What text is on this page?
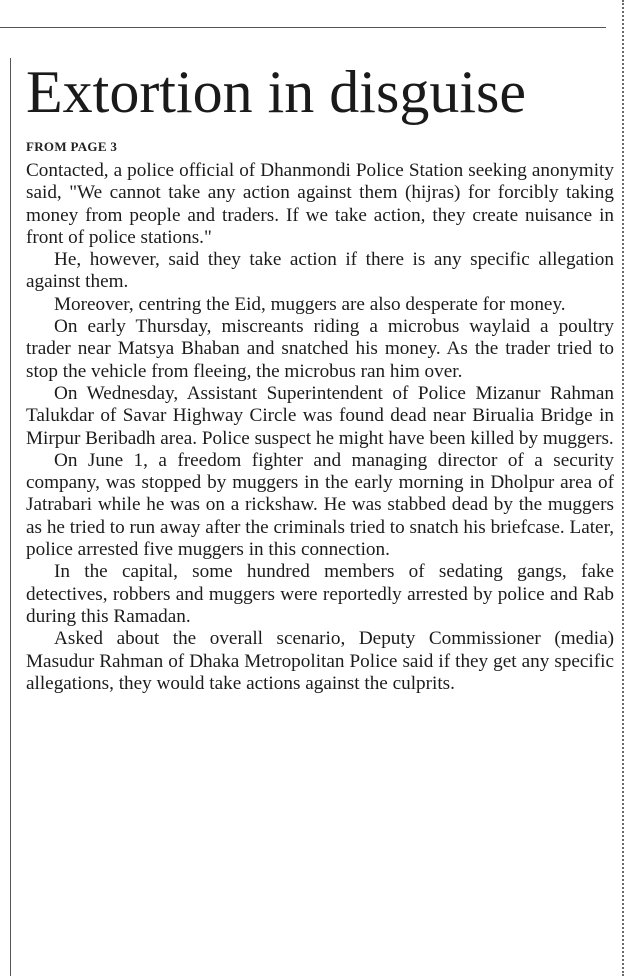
Extortion in disguise
FROM PAGE 3

Contacted, a police official of Dhanmondi Police Station seeking anonymity said, "We cannot take any action against them (hijras) for forcibly taking money from people and traders. If we take action, they create nuisance in front of police stations."

He, however, said they take action if there is any specific allegation against them.

Moreover, centring the Eid, muggers are also desperate for money.

On early Thursday, miscreants riding a microbus waylaid a poultry trader near Matsya Bhaban and snatched his money. As the trader tried to stop the vehicle from fleeing, the microbus ran him over.

On Wednesday, Assistant Superintendent of Police Mizanur Rahman Talukdar of Savar Highway Circle was found dead near Birualia Bridge in Mirpur Beribadh area. Police suspect he might have been killed by muggers.

On June 1, a freedom fighter and managing director of a security company, was stopped by muggers in the early morning in Dholpur area of Jatrabari while he was on a rickshaw. He was stabbed dead by the muggers as he tried to run away after the criminals tried to snatch his briefcase. Later, police arrested five muggers in this connection.

In the capital, some hundred members of sedating gangs, fake detectives, robbers and muggers were reportedly arrested by police and Rab during this Ramadan.

Asked about the overall scenario, Deputy Commissioner (media) Masudur Rahman of Dhaka Metropolitan Police said if they get any specific allegations, they would take actions against the culprits.
